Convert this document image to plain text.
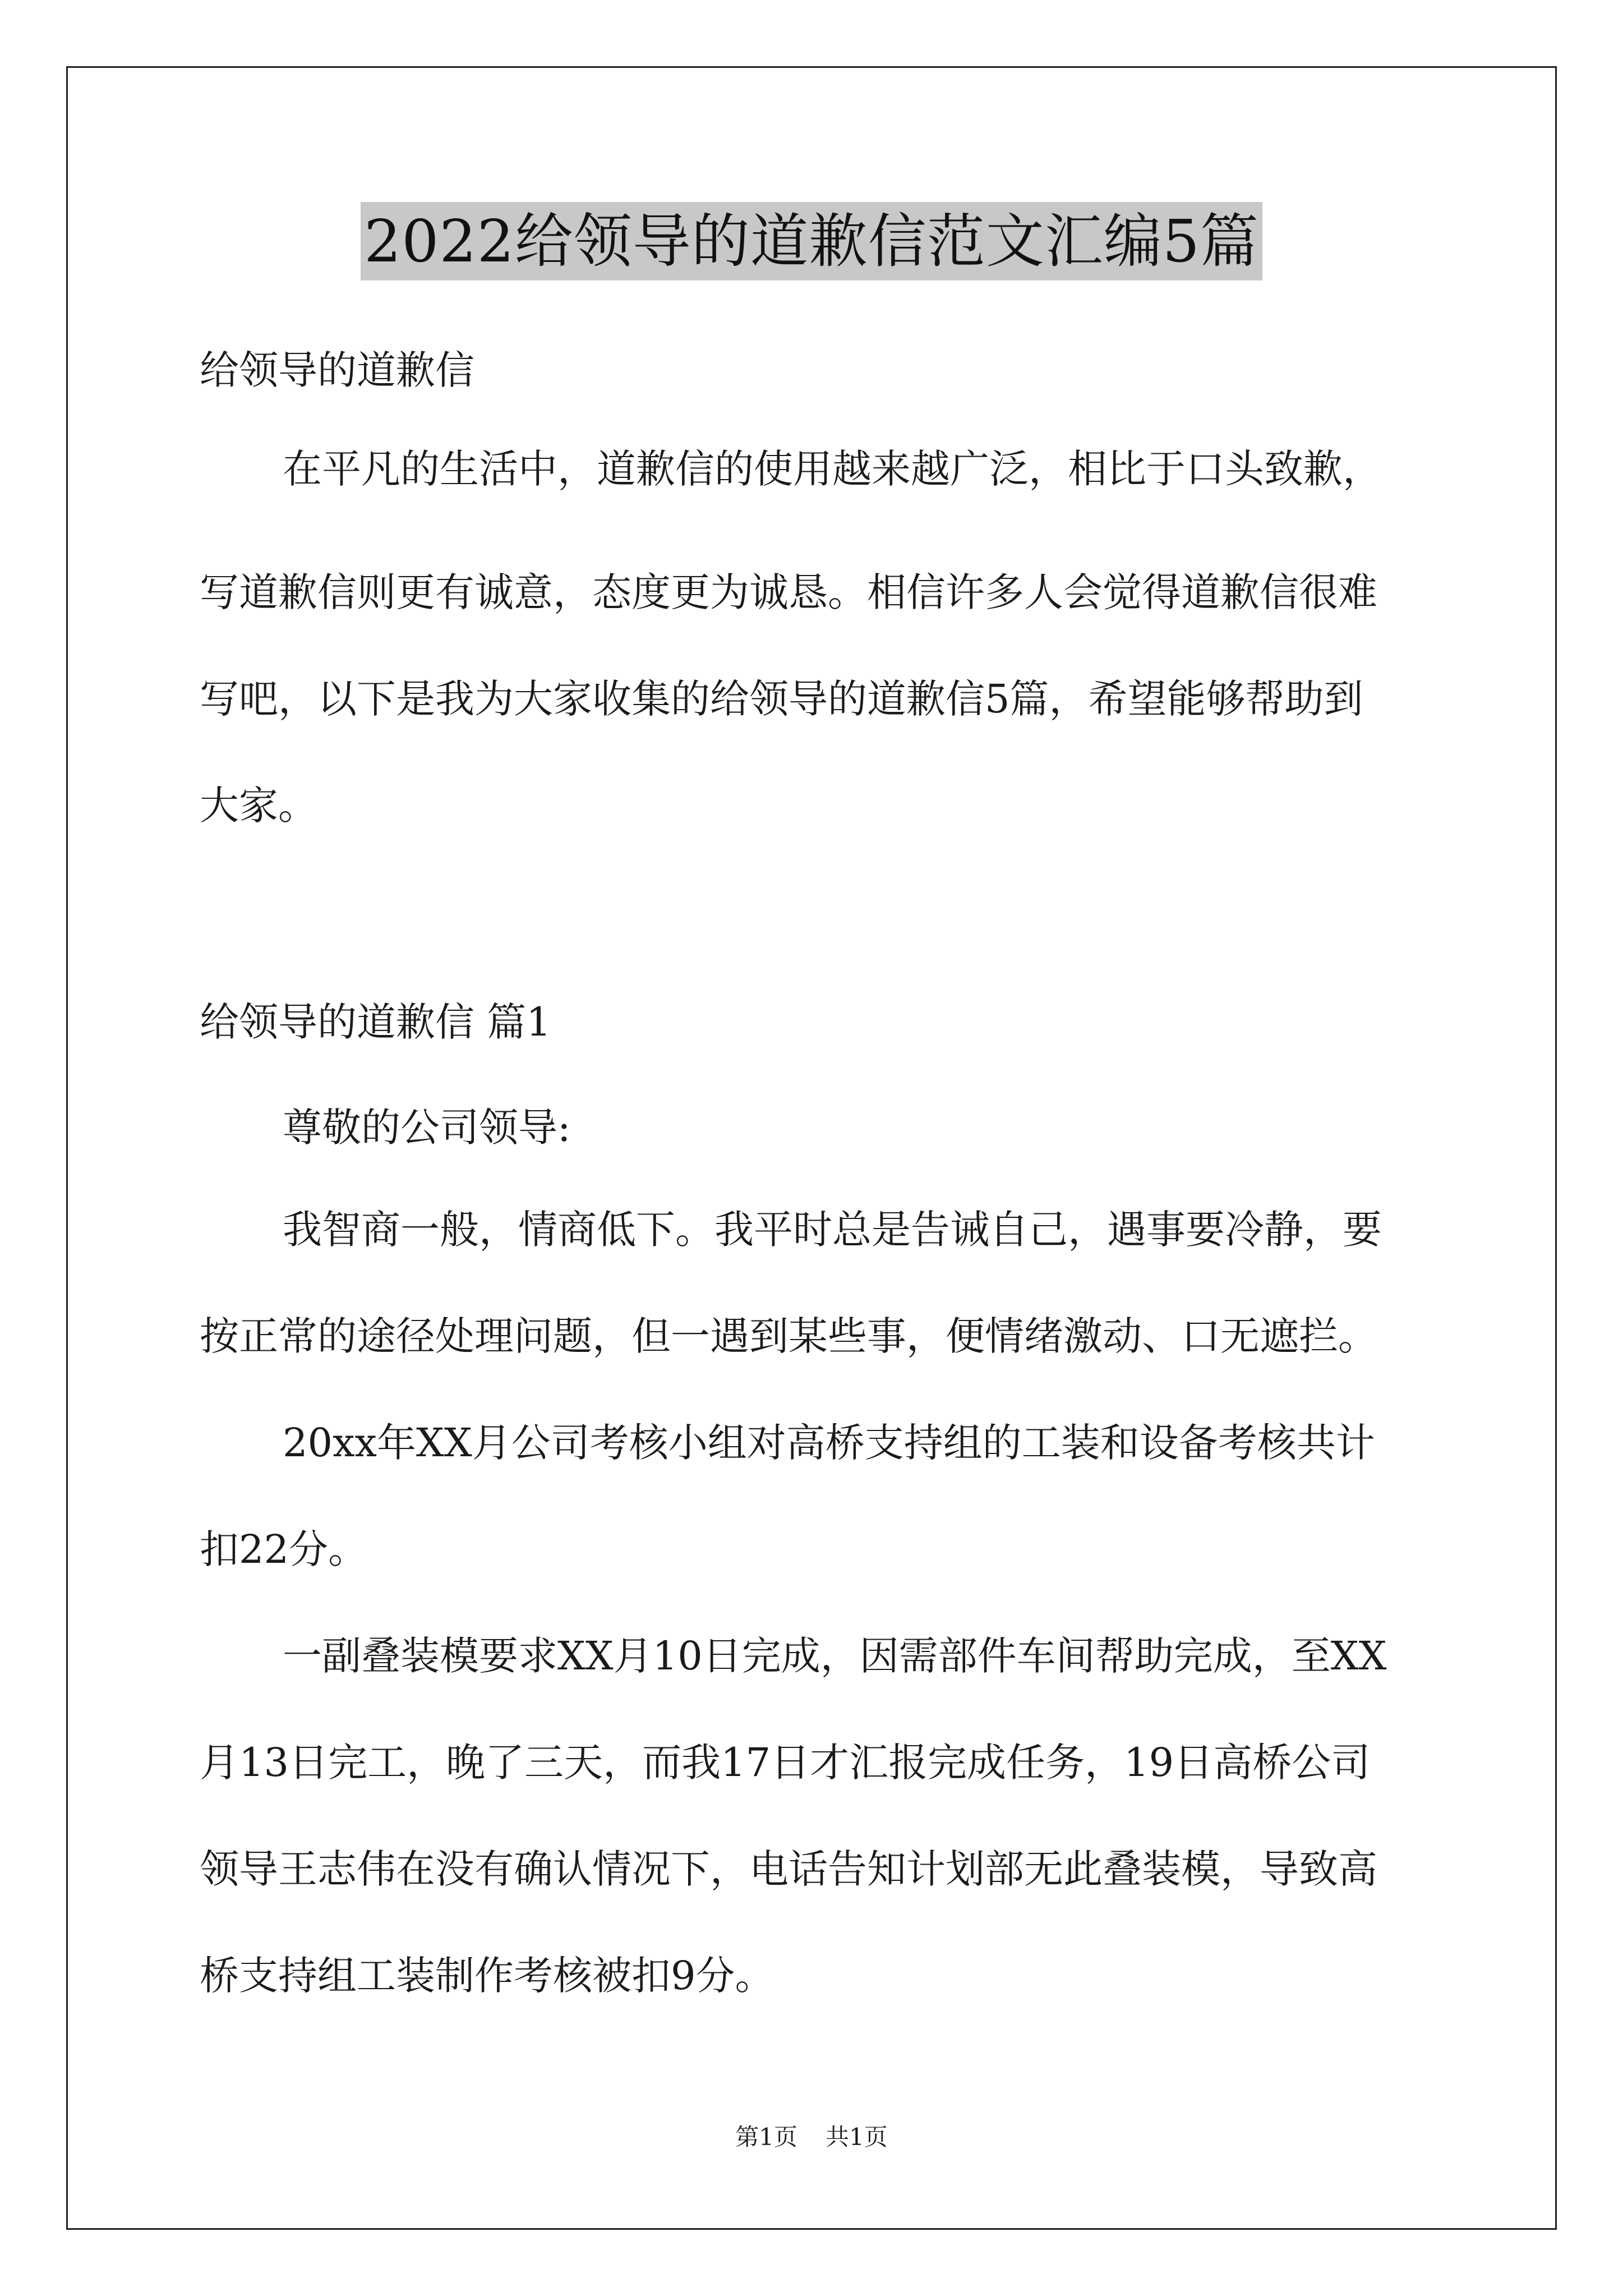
2022给领导的道歉信范文汇编5篇
给领导的道歉信
在平凡的生活中，道歉信的使用越来越广泛，相比于口头致歉，
写道歉信则更有诚意，态度更为诚恳。相信许多人会觉得道歉信很难
写吧，以下是我为大家收集的给领导的道歉信5篇，希望能够帮助到
大家。
给领导的道歉信 篇1
尊敬的公司领导:
我智商一般，情商低下。我平时总是告诫自己，遇事要冷静，要
按正常的途径处理问题，但一遇到某些事，便情绪激动、口无遮拦。
20xx年XX月公司考核小组对高桥支持组的工装和设备考核共计
扣22分。
一副叠装模要求XX月10日完成，因需部件车间帮助完成，至XX
月13日完工，晚了三天，而我17日才汇报完成任务，19日高桥公司
领导王志伟在没有确认情况下，电话告知计划部无此叠装模，导致高
桥支持组工装制作考核被扣9分。
第1页 共1页
